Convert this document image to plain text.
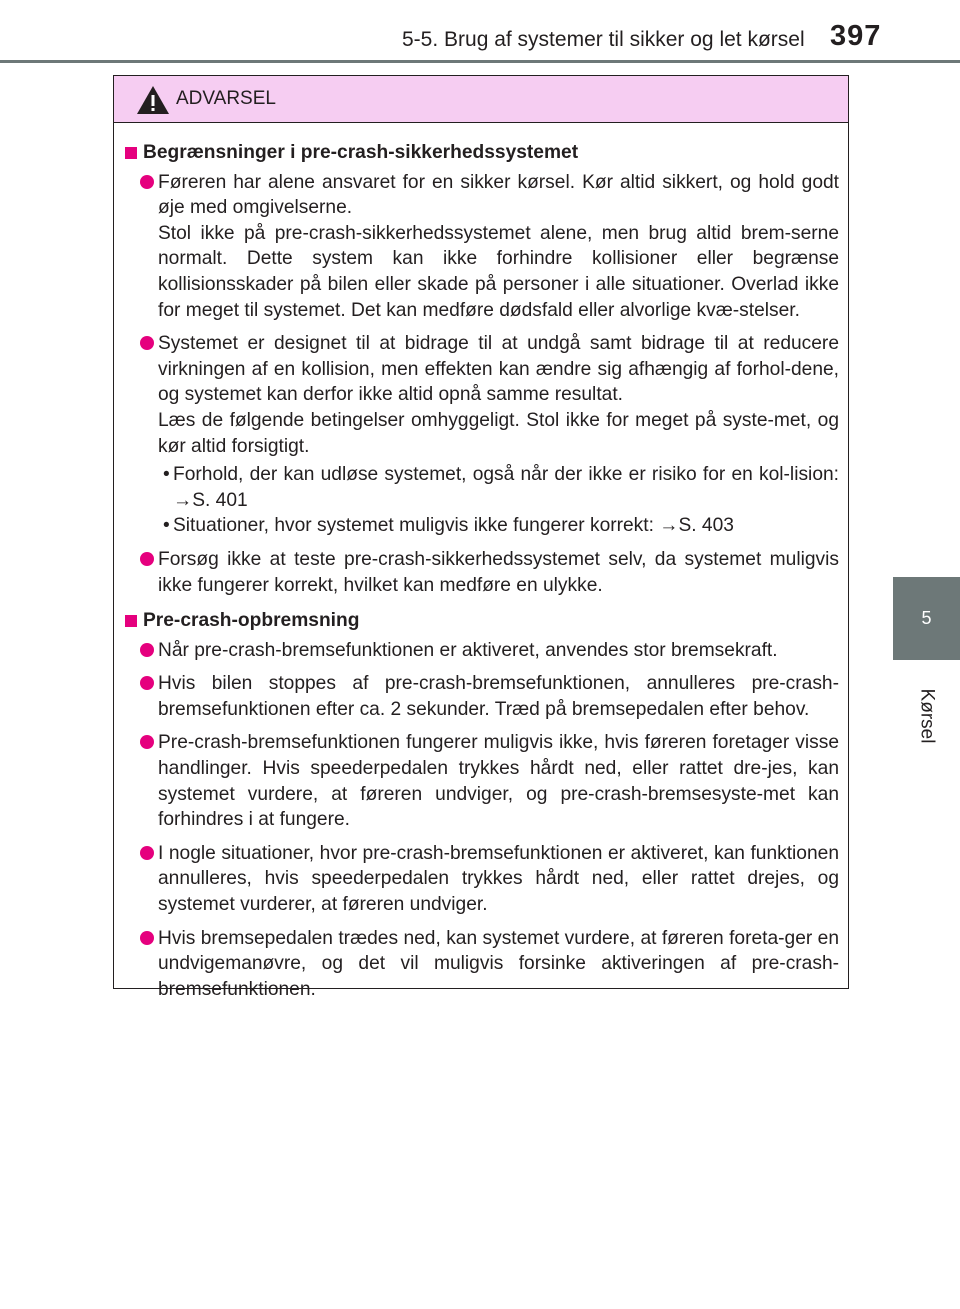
5-5. Brug af systemer til sikker og let kørsel 397
5
Kørsel
ADVARSEL
Begrænsninger i pre-crash-sikkerhedssystemet

Føreren har alene ansvaret for en sikker kørsel. Kør altid sikkert, og hold godt øje med omgivelserne.

Stol ikke på pre-crash-sikkerhedssystemet alene, men brug altid brem-serne normalt. Dette system kan ikke forhindre kollisioner eller begrænse kollisionsskader på bilen eller skade på personer i alle situationer. Overlad ikke for meget til systemet. Det kan medføre dødsfald eller alvorlige kvæ-stelser.

Systemet er designet til at bidrage til at undgå samt bidrage til at reducere virkningen af en kollision, men effekten kan ændre sig afhængig af forhol-dene, og systemet kan derfor ikke altid opnå samme resultat.

Læs de følgende betingelser omhyggeligt. Stol ikke for meget på syste-met, og kør altid forsigtigt.

• Forhold, der kan udløse systemet, også når der ikke er risiko for en kol-lision: →S. 401
• Situationer, hvor systemet muligvis ikke fungerer korrekt: →S. 403

Forsøg ikke at teste pre-crash-sikkerhedssystemet selv, da systemet muligvis ikke fungerer korrekt, hvilket kan medføre en ulykke.

Pre-crash-opbremsning

Når pre-crash-bremsefunktionen er aktiveret, anvendes stor bremsekraft.

Hvis bilen stoppes af pre-crash-bremsefunktionen, annulleres pre-crash-bremsefunktionen efter ca. 2 sekunder. Træd på bremsepedalen efter behov.

Pre-crash-bremsefunktionen fungerer muligvis ikke, hvis føreren foretager visse handlinger. Hvis speederpedalen trykkes hårdt ned, eller rattet dre-jes, kan systemet vurdere, at føreren undviger, og pre-crash-bremsesyste-met kan forhindres i at fungere.

I nogle situationer, hvor pre-crash-bremsefunktionen er aktiveret, kan funktionen annulleres, hvis speederpedalen trykkes hårdt ned, eller rattet drejes, og systemet vurderer, at føreren undviger.

Hvis bremsepedalen trædes ned, kan systemet vurdere, at føreren foreta-ger en undvigemanøvre, og det vil muligvis forsinke aktiveringen af pre-crash-bremsefunktionen.
